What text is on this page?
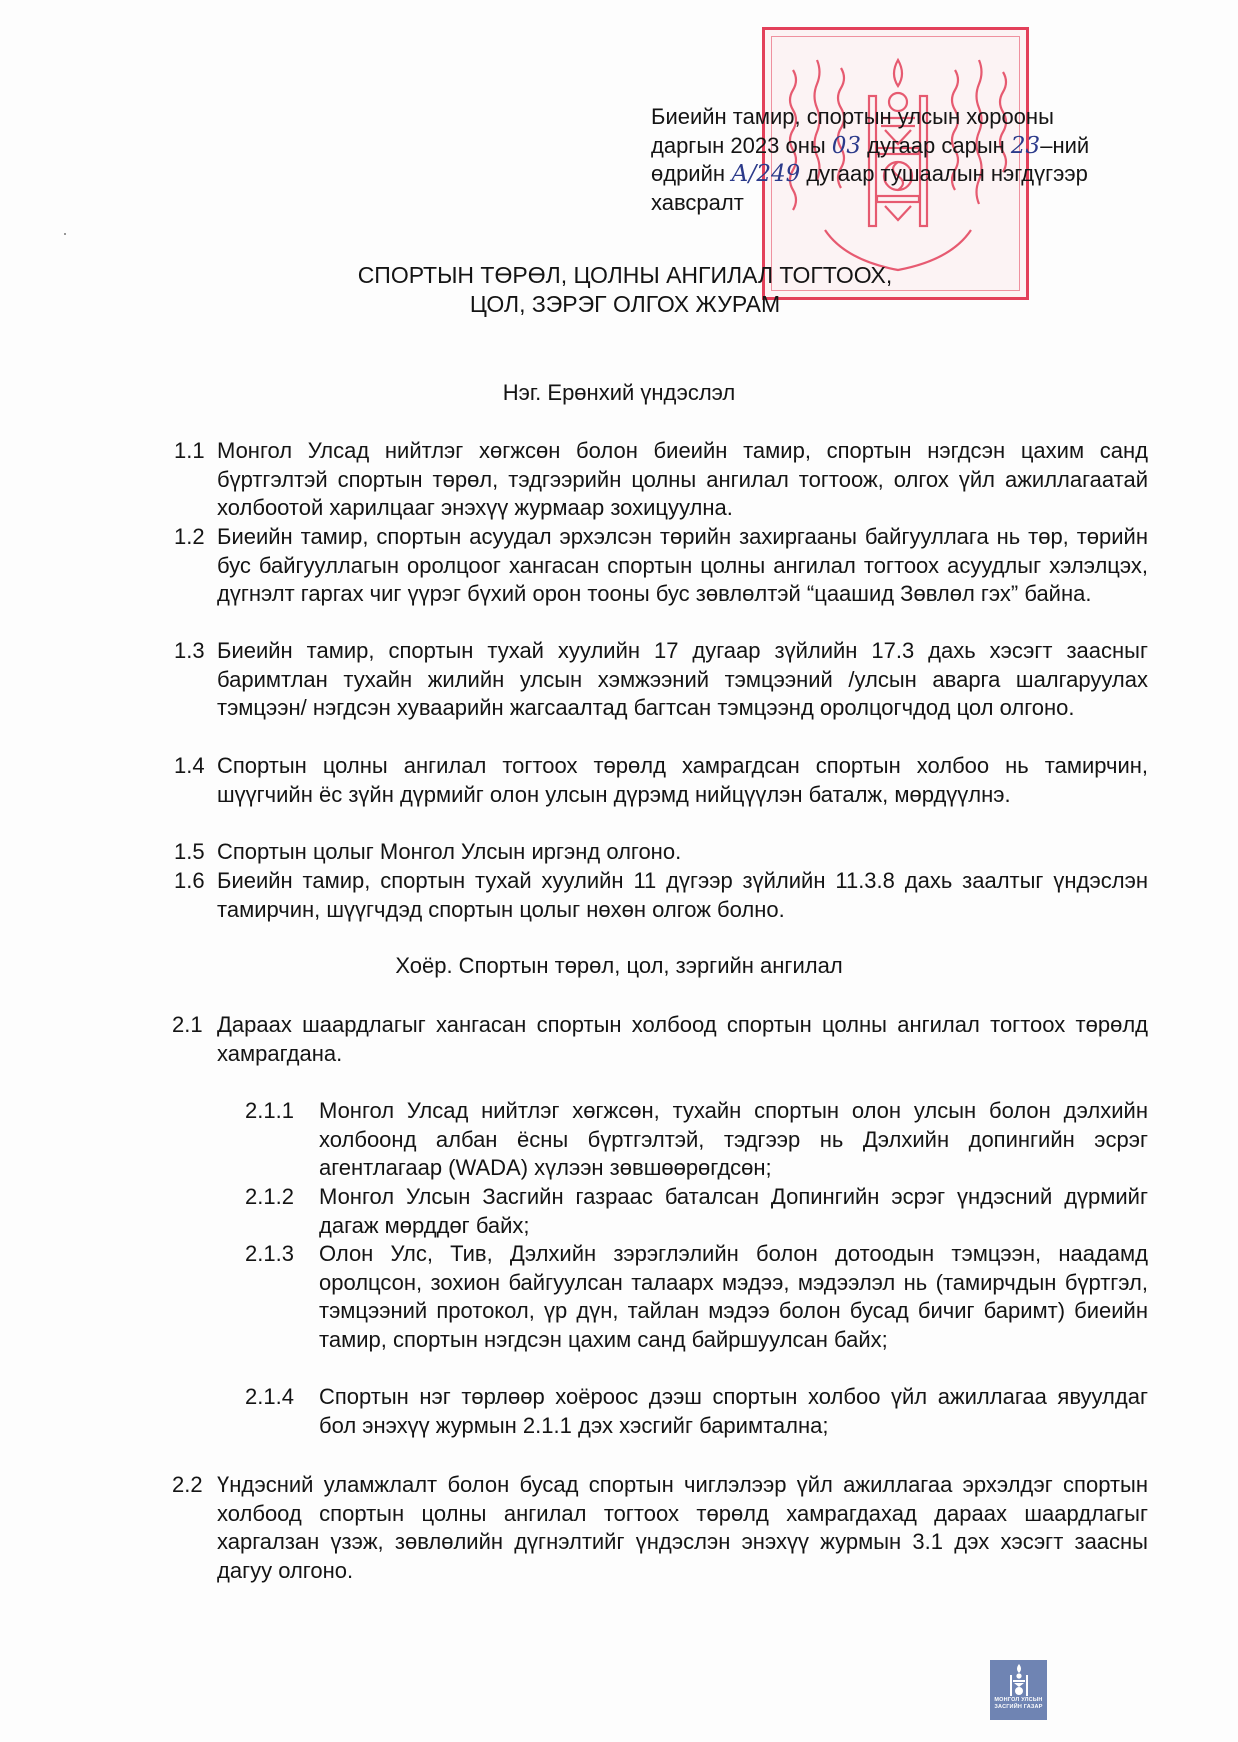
Биеийн тамир, спортын улсын хорооны
даргын 2023 оны 03 дугаар сарын 23–ний
өдрийн А/249 дугаар тушаалын нэгдүгээр
хавсралт
СПОРТЫН ТӨРӨЛ, ЦОЛНЫ АНГИЛАЛ ТОГТООХ,
ЦОЛ, ЗЭРЭГ ОЛГОХ ЖУРАМ
Нэг. Ерөнхий үндэслэл
1.1 Монгол Улсад нийтлэг хөгжсөн болон биеийн тамир, спортын нэгдсэн цахим санд бүртгэлтэй спортын төрөл, тэдгээрийн цолны ангилал тогтоож, олгох үйл ажиллагаатай холбоотой харилцааг энэхүү журмаар зохицуулна.
1.2 Биеийн тамир, спортын асуудал эрхэлсэн төрийн захиргааны байгууллага нь төр, төрийн бус байгууллагын оролцоог хангасан спортын цолны ангилал тогтоох асуудлыг хэлэлцэх, дүгнэлт гаргах чиг үүрэг бүхий орон тооны бус зөвлөлтэй “цаашид Зөвлөл гэх” байна.
1.3 Биеийн тамир, спортын тухай хуулийн 17 дугаар зүйлийн 17.3 дахь хэсэгт заасныг баримтлан тухайн жилийн улсын хэмжээний тэмцээний /улсын аварга шалгаруулах тэмцээн/ нэгдсэн хуваарийн жагсаалтад багтсан тэмцээнд оролцогчдод цол олгоно.
1.4 Спортын цолны ангилал тогтоох төрөлд хамрагдсан спортын холбоо нь тамирчин, шүүгчийн ёс зүйн дүрмийг олон улсын дүрэмд нийцүүлэн баталж, мөрдүүлнэ.
1.5 Спортын цолыг Монгол Улсын иргэнд олгоно.
1.6 Биеийн тамир, спортын тухай хуулийн 11 дүгээр зүйлийн 11.3.8 дахь заалтыг үндэслэн тамирчин, шүүгчдэд спортын цолыг нөхөн олгож болно.
Хоёр. Спортын төрөл, цол, зэргийн ангилал
2.1 Дараах шаардлагыг хангасан спортын холбоод спортын цолны ангилал тогтоох төрөлд хамрагдана.
2.1.1	Монгол Улсад нийтлэг хөгжсөн, тухайн спортын олон улсын болон дэлхийн холбоонд албан ёсны бүртгэлтэй, тэдгээр нь Дэлхийн допингийн эсрэг агентлагаар (WADA) хүлээн зөвшөөрөгдсөн;
2.1.2	Монгол Улсын Засгийн газраас баталсан Допингийн эсрэг үндэсний дүрмийг дагаж мөрддөг байх;
2.1.3	Олон Улс, Тив, Дэлхийн зэрэглэлийн болон дотоодын тэмцээн, наадамд оролцсон, зохион байгуулсан талаарх мэдээ, мэдээлэл нь (тамирчдын бүртгэл, тэмцээний протокол, үр дүн, тайлан мэдээ болон бусад бичиг баримт) биеийн тамир, спортын нэгдсэн цахим санд байршуулсан байх;
2.1.4	Спортын нэг төрлөөр хоёроос дээш спортын холбоо үйл ажиллагаа явуулдаг бол энэхүү журмын 2.1.1 дэх хэсгийг баримтална;
2.2 Үндэсний уламжлалт болон бусад спортын чиглэлээр үйл ажиллагаа эрхэлдэг спортын холбоод спортын цолны ангилал тогтоох төрөлд хамрагдахад дараах шаардлагыг харгалзан үзэж, зөвлөлийн дүгнэлтийг үндэслэн энэхүү журмын 3.1 дэх хэсэгт заасны дагуу олгоно.
МОНГОЛ УЛСЫН
ЗАСГИЙН ГАЗАР
